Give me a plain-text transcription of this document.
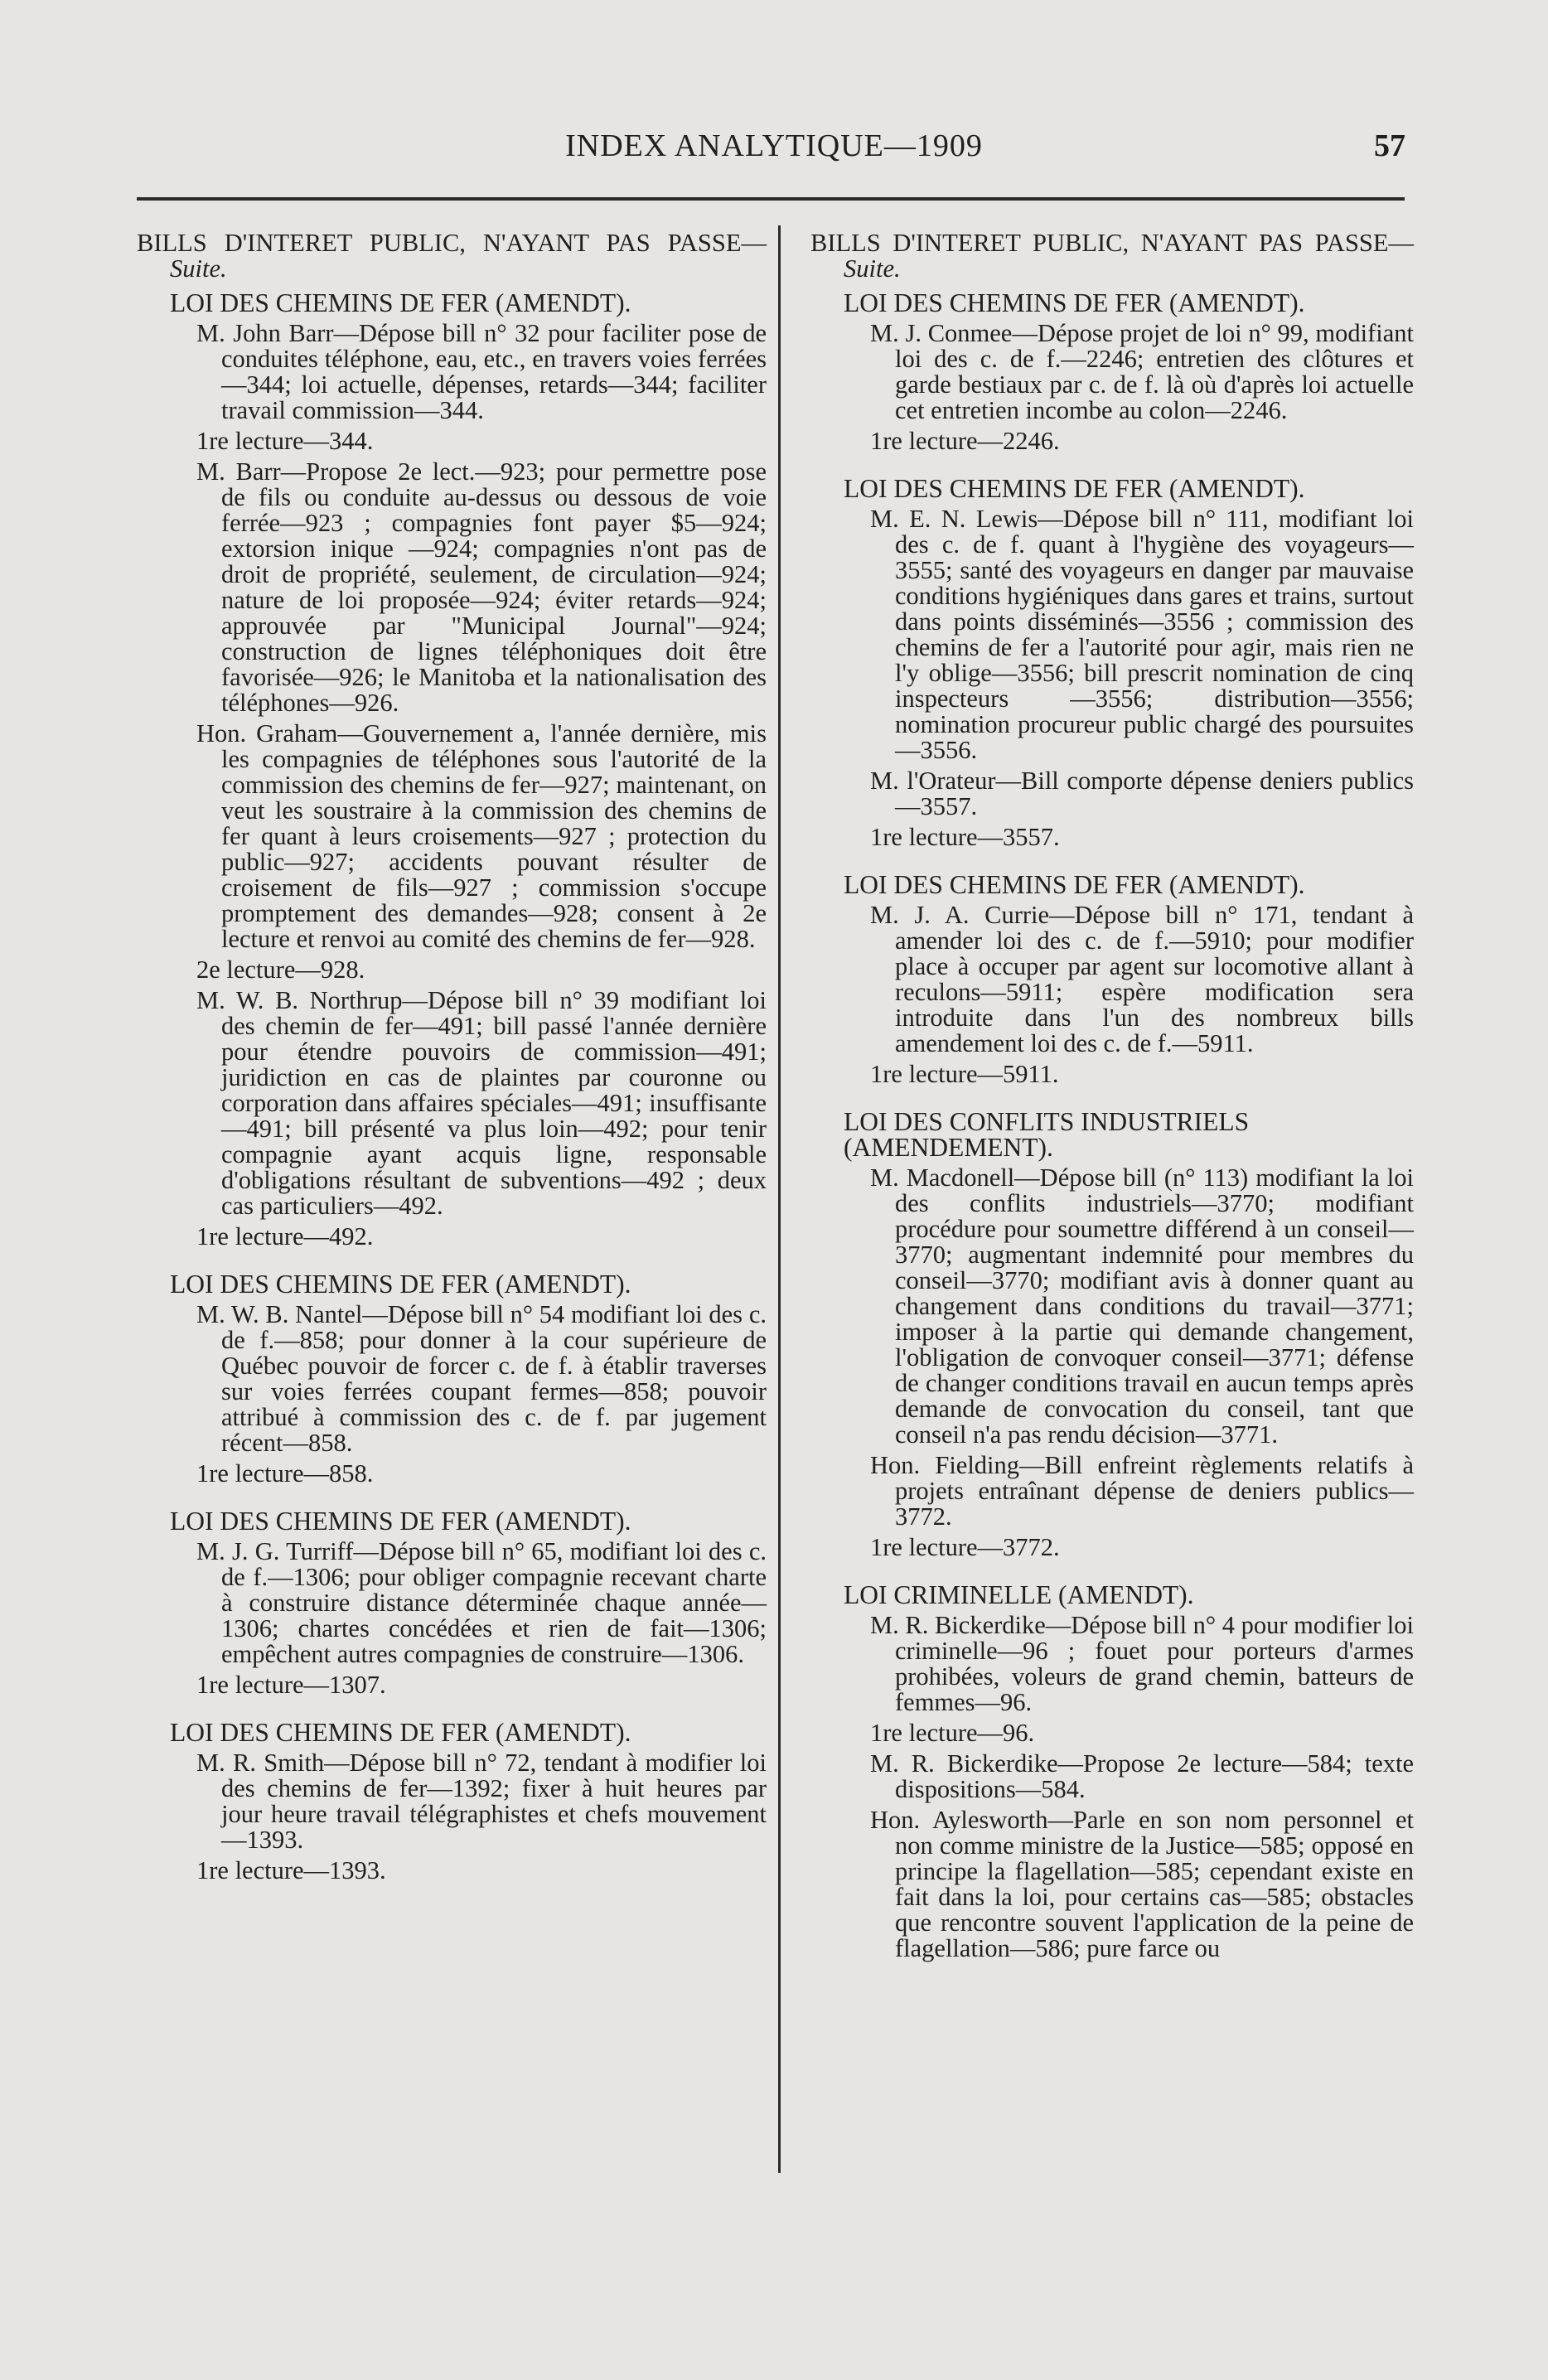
INDEX ANALYTIQUE—1909	57

BILLS D'INTERET PUBLIC, N'AYANT PAS PASSE—Suite.

LOI DES CHEMINS DE FER (AMENDT).

M. John Barr—Dépose bill n° 32 pour faciliter pose de conduites téléphone, eau, etc., en travers voies ferrées—344; loi actuelle, dépenses, retards—344; faciliter travail commission—344.

1re lecture—344.

M. Barr—Propose 2e lect.—923; pour permettre pose de fils ou conduite au-dessus ou dessous de voie ferrée—923 ; compagnies font payer $5—924; extorsion inique —924; compagnies n'ont pas de droit de propriété, seulement, de circulation—924; nature de loi proposée—924; éviter retards—924; approuvée par "Municipal Journal"—924; construction de lignes téléphoniques doit être favorisée—926; le Manitoba et la nationalisation des téléphones—926.

Hon. Graham—Gouvernement a, l'année dernière, mis les compagnies de téléphones sous l'autorité de la commission des chemins de fer—927; maintenant, on veut les soustraire à la commission des chemins de fer quant à leurs croisements—927 ; protection du public—927; accidents pouvant résulter de croisement de fils—927 ; commission s'occupe promptement des demandes—928; consent à 2e lecture et renvoi au comité des chemins de fer—928.

2e lecture—928.

M. W. B. Northrup—Dépose bill n° 39 modifiant loi des chemin de fer—491; bill passé l'année dernière pour étendre pouvoirs de commission—491; juridiction en cas de plaintes par couronne ou corporation dans affaires spéciales—491; insuffisante—491; bill présenté va plus loin—492; pour tenir compagnie ayant acquis ligne, responsable d'obligations résultant de subventions—492 ; deux cas particuliers—492.

1re lecture—492.

LOI DES CHEMINS DE FER (AMENDT).

M. W. B. Nantel—Dépose bill n° 54 modifiant loi des c. de f.—858; pour donner à la cour supérieure de Québec pouvoir de forcer c. de f. à établir traverses sur voies ferrées coupant fermes—858; pouvoir attribué à commission des c. de f. par jugement récent—858.

1re lecture—858.

LOI DES CHEMINS DE FER (AMENDT).

M. J. G. Turriff—Dépose bill n° 65, modifiant loi des c. de f.—1306; pour obliger compagnie recevant charte à construire distance déterminée chaque année—1306; chartes concédées et rien de fait—1306; empêchent autres compagnies de construire—1306.

1re lecture—1307.

LOI DES CHEMINS DE FER (AMENDT).

M. R. Smith—Dépose bill n° 72, tendant à modifier loi des chemins de fer—1392; fixer à huit heures par jour heure travail télégraphistes et chefs mouvement —1393.

1re lecture—1393.

BILLS D'INTERET PUBLIC, N'AYANT PAS PASSE—Suite.

LOI DES CHEMINS DE FER (AMENDT).

M. J. Conmee—Dépose projet de loi n° 99, modifiant loi des c. de f.—2246; entretien des clôtures et garde bestiaux par c. de f. là où d'après loi actuelle cet entretien incombe au colon—2246.

1re lecture—2246.

LOI DES CHEMINS DE FER (AMENDT).

M. E. N. Lewis—Dépose bill n° 111, modifiant loi des c. de f. quant à l'hygiène des voyageurs—3555; santé des voyageurs en danger par mauvaise conditions hygiéniques dans gares et trains, surtout dans points disséminés—3556 ; commission des chemins de fer a l'autorité pour agir, mais rien ne l'y oblige—3556; bill prescrit nomination de cinq inspecteurs —3556; distribution—3556; nomination procureur public chargé des poursuites —3556.

M. l'Orateur—Bill comporte dépense deniers publics—3557.

1re lecture—3557.

LOI DES CHEMINS DE FER (AMENDT).

M. J. A. Currie—Dépose bill n° 171, tendant à amender loi des c. de f.—5910; pour modifier place à occuper par agent sur locomotive allant à reculons—5911; espère modification sera introduite dans l'un des nombreux bills amendement loi des c. de f.—5911.

1re lecture—5911.

LOI DES CONFLITS INDUSTRIELS (AMENDEMENT).

M. Macdonell—Dépose bill (n° 113) modifiant la loi des conflits industriels—3770; modifiant procédure pour soumettre différend à un conseil—3770; augmentant indemnité pour membres du conseil—3770; modifiant avis à donner quant au changement dans conditions du travail—3771; imposer à la partie qui demande changement, l'obligation de convoquer conseil—3771; défense de changer conditions travail en aucun temps après demande de convocation du conseil, tant que conseil n'a pas rendu décision—3771.

Hon. Fielding—Bill enfreint règlements relatifs à projets entraînant dépense de deniers publics—3772.

1re lecture—3772.

LOI CRIMINELLE (AMENDT).

M. R. Bickerdike—Dépose bill n° 4 pour modifier loi criminelle—96 ; fouet pour porteurs d'armes prohibées, voleurs de grand chemin, batteurs de femmes—96.

1re lecture—96.

M. R. Bickerdike—Propose 2e lecture—584; texte dispositions—584.

Hon. Aylesworth—Parle en son nom personnel et non comme ministre de la Justice—585; opposé en principe la flagellation—585; cependant existe en fait dans la loi, pour certains cas—585; obstacles que rencontre souvent l'application de la peine de flagellation—586; pure farce ou
